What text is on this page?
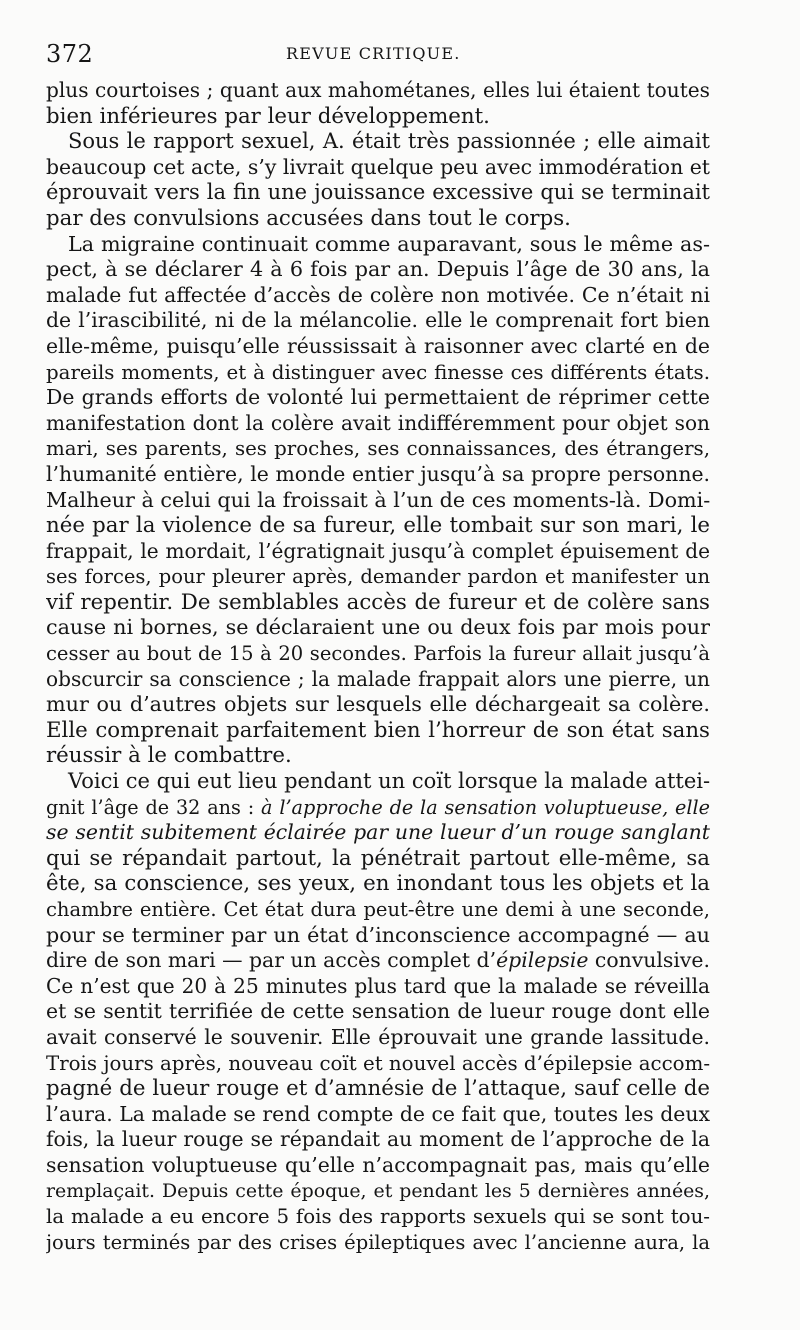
372	REVUE CRITIQUE.
plus courtoises ; quant aux mahométanes, elles lui étaient toutes
bien inférieures par leur développement.
Sous le rapport sexuel, A. était très passionnée ; elle aimait
beaucoup cet acte, s’y livrait quelque peu avec immodération et
éprouvait vers la fin une jouissance excessive qui se terminait
par des convulsions accusées dans tout le corps.
La migraine continuait comme auparavant, sous le même as-
pect, à se déclarer 4 à 6 fois par an. Depuis l’âge de 30 ans, la
malade fut affectée d’accès de colère non motivée. Ce n’était ni
de l’irascibilité, ni de la mélancolie. elle le comprenait fort bien
elle-même, puisqu’elle réussissait à raisonner avec clarté en de
pareils moments, et à distinguer avec finesse ces différents états.
De grands efforts de volonté lui permettaient de réprimer cette
manifestation dont la colère avait indifféremment pour objet son
mari, ses parents, ses proches, ses connaissances, des étrangers,
l’humanité entière, le monde entier jusqu’à sa propre personne.
Malheur à celui qui la froissait à l’un de ces moments-là. Domi-
née par la violence de sa fureur, elle tombait sur son mari, le
frappait, le mordait, l’égratignait jusqu’à complet épuisement de
ses forces, pour pleurer après, demander pardon et manifester un
vif repentir. De semblables accès de fureur et de colère sans
cause ni bornes, se déclaraient une ou deux fois par mois pour
cesser au bout de 15 à 20 secondes. Parfois la fureur allait jusqu’à
obscurcir sa conscience ; la malade frappait alors une pierre, un
mur ou d’autres objets sur lesquels elle déchargeait sa colère.
Elle comprenait parfaitement bien l’horreur de son état sans
réussir à le combattre.
Voici ce qui eut lieu pendant un coït lorsque la malade attei-
gnit l’âge de 32 ans : à l’approche de la sensation voluptueuse, elle
se sentit subitement éclairée par une lueur d’un rouge sanglant
qui se répandait partout, la pénétrait partout elle-même, sa
ête, sa conscience, ses yeux, en inondant tous les objets et la
chambre entière. Cet état dura peut-être une demi à une seconde,
pour se terminer par un état d’inconscience accompagné — au
dire de son mari — par un accès complet d’épilepsie convulsive.
Ce n’est que 20 à 25 minutes plus tard que la malade se réveilla
et se sentit terrifiée de cette sensation de lueur rouge dont elle
avait conservé le souvenir. Elle éprouvait une grande lassitude.
Trois jours après, nouveau coït et nouvel accès d’épilepsie accom-
pagné de lueur rouge et d’amnésie de l’attaque, sauf celle de
l’aura. La malade se rend compte de ce fait que, toutes les deux
fois, la lueur rouge se répandait au moment de l’approche de la
sensation voluptueuse qu’elle n’accompagnait pas, mais qu’elle
remplaçait. Depuis cette époque, et pendant les 5 dernières années,
la malade a eu encore 5 fois des rapports sexuels qui se sont tou-
jours terminés par des crises épileptiques avec l’ancienne aura, la
